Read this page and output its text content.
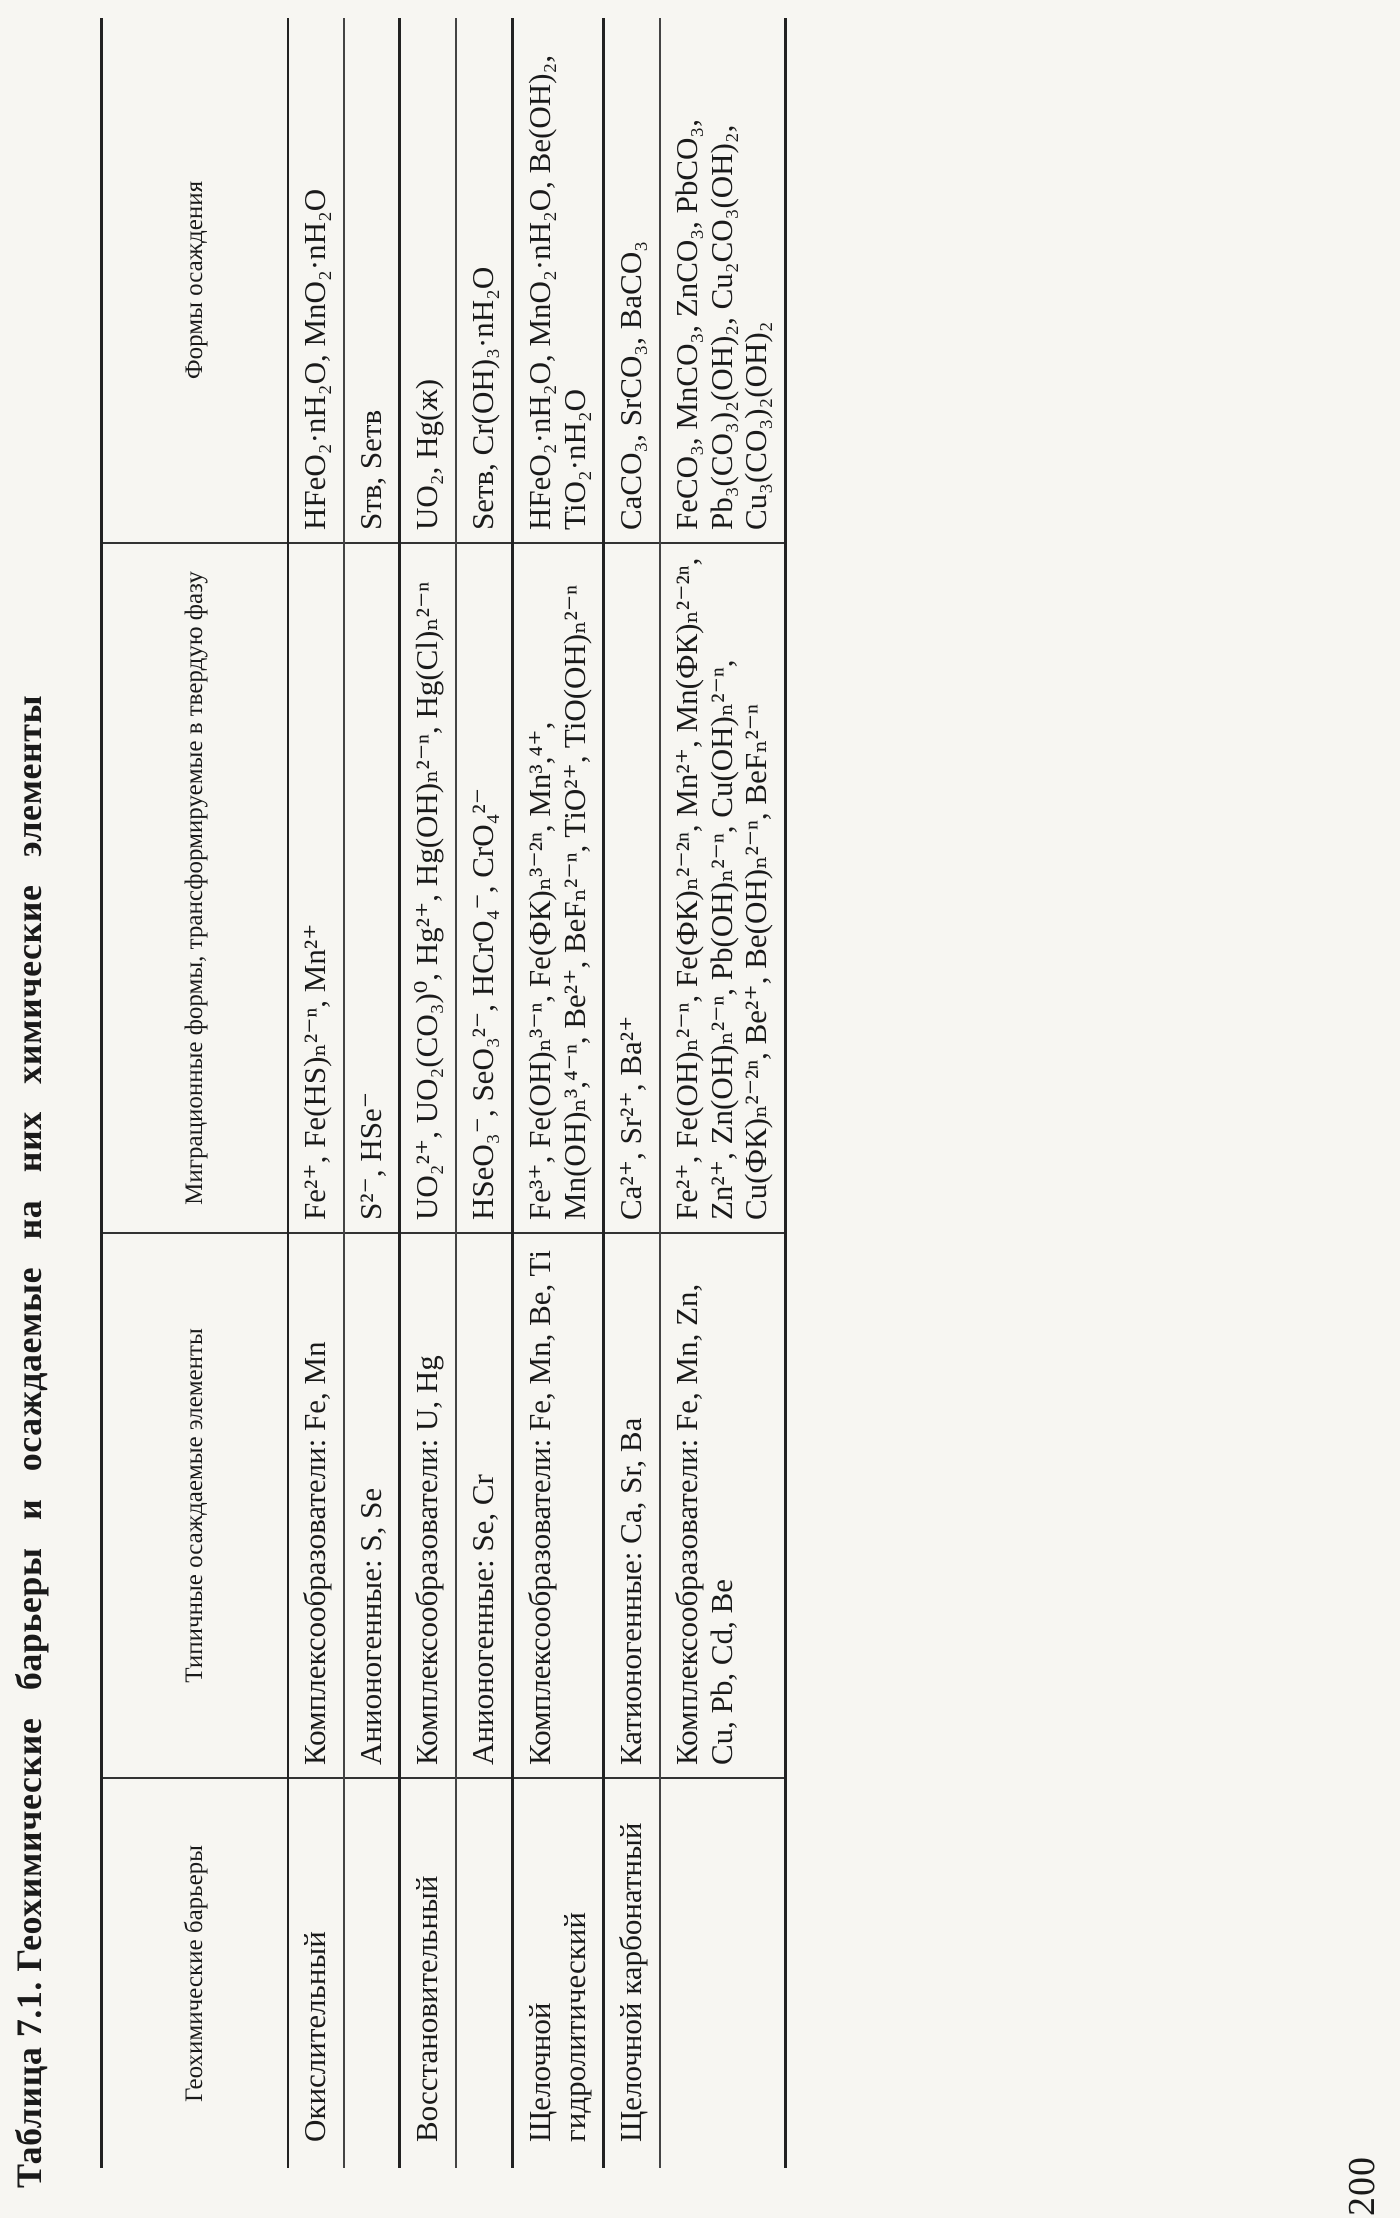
200
Таблица 7.1. Геохимические барьеры и осаждаемые на них химические элементы
Геохимические барьеры	Типичные осаждаемые элементы	Миграционные формы, трансформируемые в твердую фазу	Формы осаждения
Окислительный	Комплексообразователи: Fe, Mn	Fe²⁺, Fe(HS)ₙ²⁻ⁿ, Mn²⁺	HFeO₂·nH₂O, MnO₂·nH₂O
	Анионогенные: S, Se	S²⁻, HSe⁻	Sтв, Seтв
Восстановительный	Комплексообразователи: U, Hg	UO₂²⁺, UO₂(CO₃)⁰, Hg²⁺, Hg(OH)ₙ²⁻ⁿ, Hg(Cl)ₙ²⁻ⁿ	UO₂, Hg(ж)
	Анионогенные: Se, Cr	HSeO₃⁻, SeO₃²⁻, HCrO₄⁻, CrO₄²⁻	Seтв, Cr(OH)₃·nH₂O
Щелочной гидролитический	Комплексообразователи: Fe, Mn, Be, Ti	Fe³⁺, Fe(OH)ₙ³⁻ⁿ, Fe(ФК)ₙ³⁻²ⁿ, Mn³,⁴⁺, Mn(OH)ₙ³,⁴⁻ⁿ, Be²⁺, BeFₙ²⁻ⁿ, TiO²⁺, TiO(OH)ₙ²⁻ⁿ	HFeO₂·nH₂O, MnO₂·nH₂O, Be(OH)₂, TiO₂·nH₂O
Щелочной карбонатный	Катионогенные: Ca, Sr, Ba	Ca²⁺, Sr²⁺, Ba²⁺	CaCO₃, SrCO₃, BaCO₃
	Комплексообразователи: Fe, Mn, Zn, Cu, Pb, Cd, Be	Fe²⁺, Fe(OH)ₙ²⁻ⁿ, Fe(ФК)ₙ²⁻²ⁿ, Mn²⁺, Mn(ФК)ₙ²⁻²ⁿ, Zn²⁺, Zn(OH)ₙ²⁻ⁿ, Pb(OH)ₙ²⁻ⁿ, Cu(OH)ₙ²⁻ⁿ, Cu(ФК)ₙ²⁻²ⁿ, Be²⁺, Be(OH)ₙ²⁻ⁿ, BeFₙ²⁻ⁿ	FeCO₃, MnCO₃, ZnCO₃, PbCO₃, Pb₃(CO₃)₂(OH)₂, Cu₂CO₃(OH)₂, Cu₃(CO₃)₂(OH)₂
